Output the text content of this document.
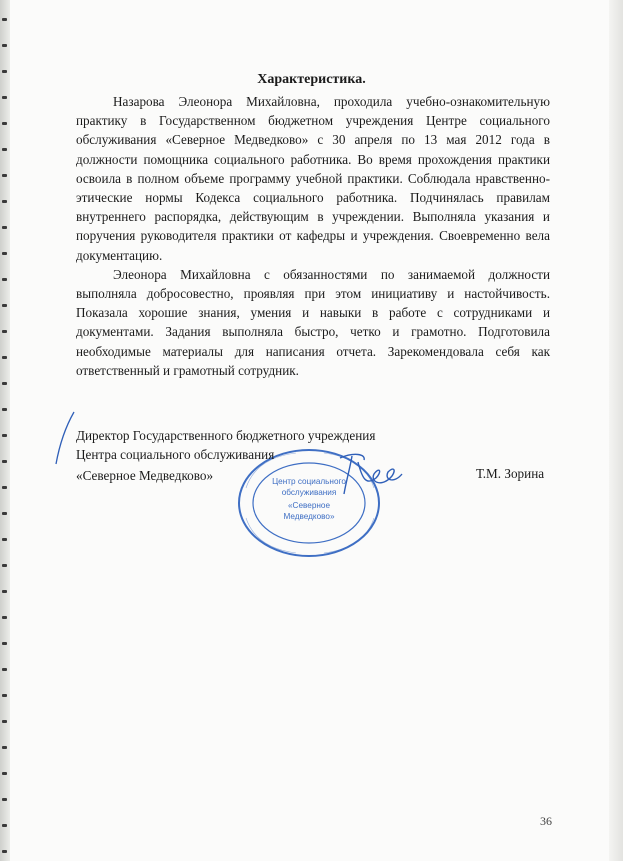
Характеристика.

Назарова Элеонора Михайловна, проходила учебно-ознакомительную практику в Государственном бюджетном учреждения Центре социального обслуживания «Северное Медведково» с 30 апреля по 13 мая 2012 года в должности помощника социального работника. Во время прохождения практики освоила в полном объеме программу учебной практики. Соблюдала нравственно-этические нормы Кодекса социального работника. Подчинялась правилам внутреннего распорядка, действующим в учреждении. Выполняла указания и поручения руководителя практики от кафедры и учреждения. Своевременно вела документацию.

Элеонора Михайловна с обязанностями по занимаемой должности выполняла добросовестно, проявляя при этом инициативу и настойчивость. Показала хорошие знания, умения и навыки в работе с сотрудниками и документами. Задания выполняла быстро, четко и грамотно. Подготовила необходимые материалы для написания отчета. Зарекомендовала себя как ответственный и грамотный сотрудник.

Центр социального
обслуживания
«Северное
Медведково»
Директор Государственного бюджетного учреждения
Центра социального обслуживания
«Северное Медведково»	Т.М. Зорина
36
